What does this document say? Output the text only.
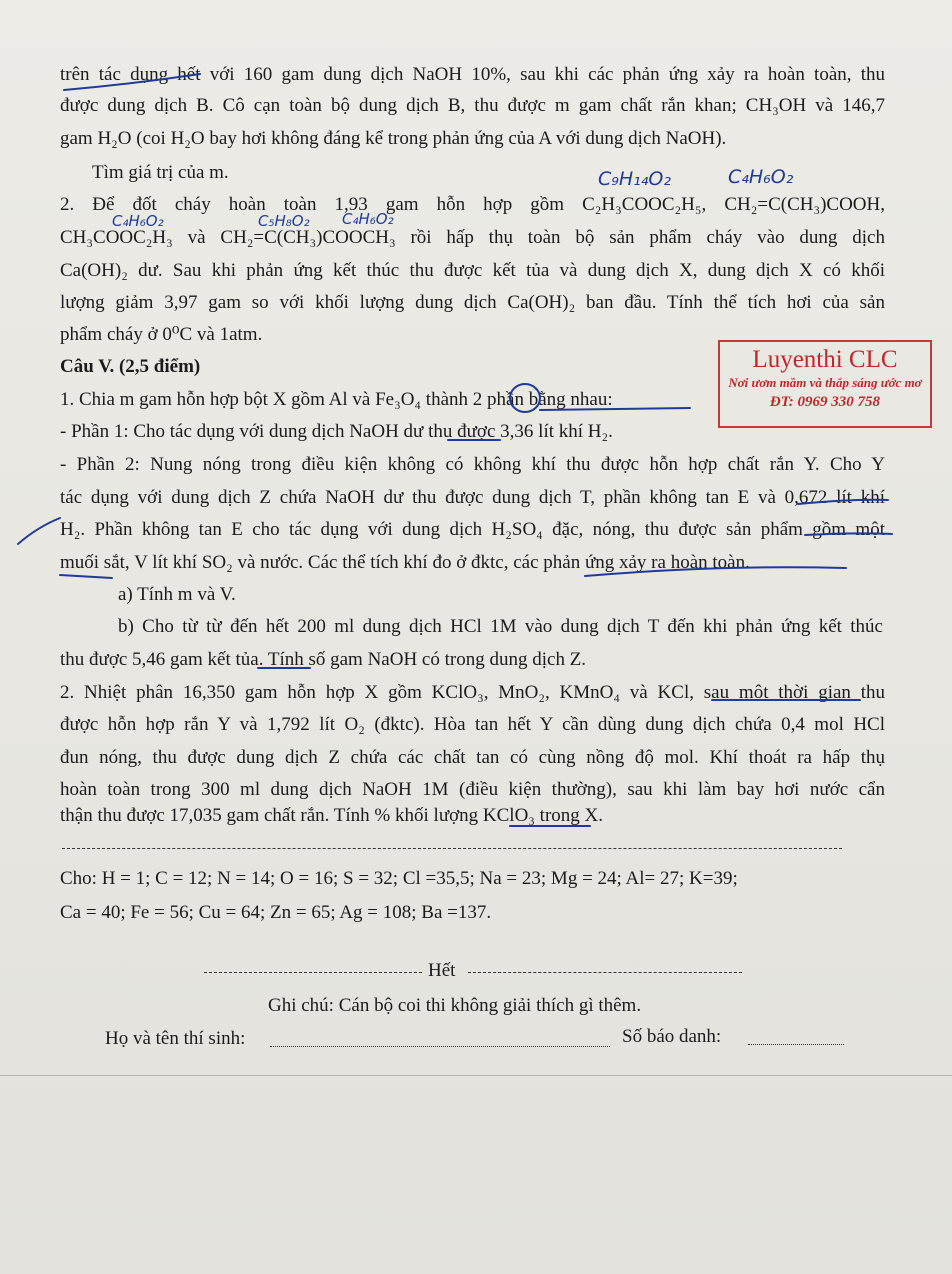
trên tác dụng hết với 160 gam dung dịch NaOH 10%, sau khi các phản ứng xảy ra hoàn toàn, thu
được dung dịch B. Cô cạn toàn bộ dung dịch B, thu được m gam chất rắn khan; CH₃OH và 146,7
gam H₂O (coi H₂O bay hơi không đáng kể trong phản ứng của A với dung dịch NaOH).
Tìm giá trị của m.
2. Để đốt cháy hoàn toàn 1,93 gam hỗn hợp gồm C₂H₃COOC₂H₅, CH₂=C(CH₃)COOH,
CH₃COOC₂H₃ và CH₂=C(CH₃)COOCH₃ rồi hấp thụ toàn bộ sản phẩm cháy vào dung dịch
Ca(OH)₂ dư. Sau khi phản ứng kết thúc thu được kết tủa và dung dịch X, dung dịch X có khối
lượng giảm 3,97 gam so với khối lượng dung dịch Ca(OH)₂ ban đầu. Tính thể tích hơi của sản
phẩm cháy ở 0⁰C và 1atm.
Câu V. (2,5 điểm)
1. Chia m gam hỗn hợp bột X gồm Al và Fe₃O₄ thành 2 phần bằng nhau:
- Phần 1: Cho tác dụng với dung dịch NaOH dư thu được 3,36 lít khí H₂.
- Phần 2: Nung nóng trong điều kiện không có không khí thu được hỗn hợp chất rắn Y. Cho Y
tác dụng với dung dịch Z chứa NaOH dư thu được dung dịch T, phần không tan E và 0,672 lít khí
H₂. Phần không tan E cho tác dụng với dung dịch H₂SO₄ đặc, nóng, thu được sản phẩm gồm một
muối sắt, V lít khí SO₂ và nước. Các thể tích khí đo ở đktc, các phản ứng xảy ra hoàn toàn.
a) Tính m và V.
b) Cho từ từ đến hết 200 ml dung dịch HCl 1M vào dung dịch T đến khi phản ứng kết thúc
thu được 5,46 gam kết tủa. Tính số gam NaOH có trong dung dịch Z.
2. Nhiệt phân 16,350 gam hỗn hợp X gồm KClO₃, MnO₂, KMnO₄ và KCl, sau một thời gian thu
được hỗn hợp rắn Y và 1,792 lít O₂ (đktc). Hòa tan hết Y cần dùng dung dịch chứa 0,4 mol HCl
đun nóng, thu được dung dịch Z chứa các chất tan có cùng nồng độ mol. Khí thoát ra hấp thụ
hoàn toàn trong 300 ml dung dịch NaOH 1M (điều kiện thường), sau khi làm bay hơi nước cẩn
thận thu được 17,035 gam chất rắn. Tính % khối lượng KClO₃ trong X.
Cho: H = 1; C = 12; N = 14; O = 16; S = 32; Cl =35,5; Na = 23; Mg = 24; Al= 27; K=39;
Ca = 40; Fe = 56; Cu = 64; Zn = 65; Ag = 108; Ba =137.
Hết
Ghi chú: Cán bộ coi thi không giải thích gì thêm.
Họ và tên thí sinh:	Số báo danh:
Luyenthi CLC
Nơi ươm mầm và thắp sáng ước mơ
ĐT: 0969 330 758
C₉H₁₄O₂	C₄H₆O₂
C₄H₆O₂	C₅H₈O₂ C₄H₆O₂
